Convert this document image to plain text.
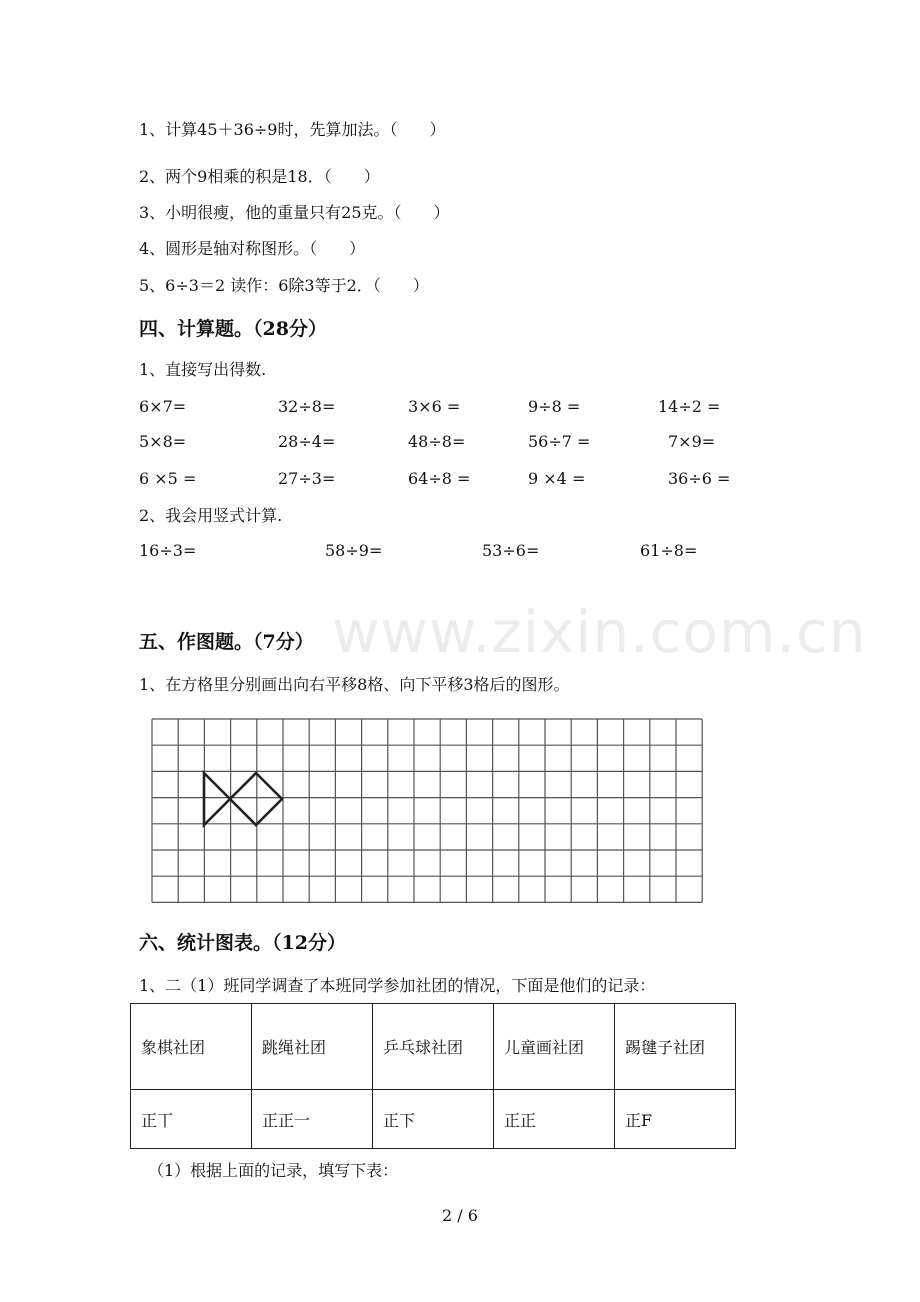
1、计算45＋36÷9时，先算加法。（　　）
2、两个9相乘的积是18．（　　）
3、小明很瘦，他的重量只有25克。（　　）
4、圆形是轴对称图形。（　　）
5、6÷3＝2 读作：6除3等于2．（　　）
四、计算题。（28分）
1、直接写出得数.
6×7=	32÷8=	3×6 =	9÷8 =	14÷2 =
5×8=	28÷4=	48÷8=	56÷7 =	7×9=
6 ×5 =	27÷3=	64÷8 =	9 ×4 =	36÷6 =
2、我会用竖式计算.
16÷3=	58÷9=	53÷6=	61÷8=
www.zixin.com.cn
五、作图题。（7分）
1、在方格里分别画出向右平移8格、向下平移3格后的图形。
六、统计图表。（12分）
1、二（1）班同学调查了本班同学参加社团的情况，下面是他们的记录：
象棋社团	跳绳社团	乒乓球社团	儿童画社团	踢毽子社团
正丅	正正一	正下	正正	正F
（1）根据上面的记录，填写下表：
2 / 6
